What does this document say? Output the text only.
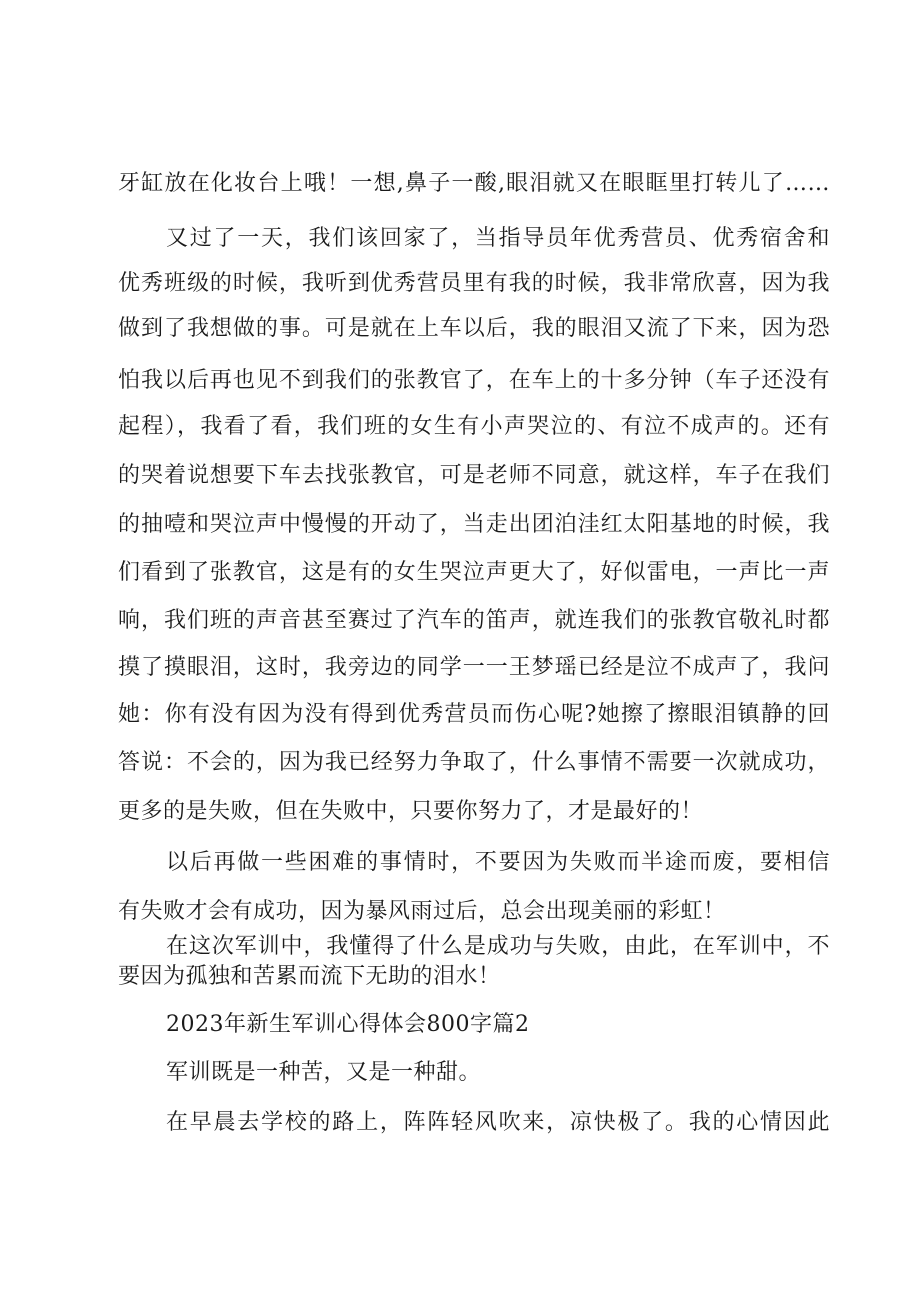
牙缸放在化妆台上哦！一想,鼻子一酸,眼泪就又在眼眶里打转儿了……
又过了一天，我们该回家了，当指导员年优秀营员、优秀宿舍和
优秀班级的时候，我听到优秀营员里有我的时候，我非常欣喜，因为我
做到了我想做的事。可是就在上车以后，我的眼泪又流了下来，因为恐
怕我以后再也见不到我们的张教官了，在车上的十多分钟（车子还没有
起程），我看了看，我们班的女生有小声哭泣的、有泣不成声的。还有
的哭着说想要下车去找张教官，可是老师不同意，就这样，车子在我们
的抽噎和哭泣声中慢慢的开动了，当走出团泊洼红太阳基地的时候，我
们看到了张教官，这是有的女生哭泣声更大了，好似雷电，一声比一声
响，我们班的声音甚至赛过了汽车的笛声，就连我们的张教官敬礼时都
摸了摸眼泪，这时，我旁边的同学一一王梦瑶已经是泣不成声了，我问
她：你有没有因为没有得到优秀营员而伤心呢?她擦了擦眼泪镇静的回
答说：不会的，因为我已经努力争取了，什么事情不需要一次就成功，
更多的是失败，但在失败中，只要你努力了，才是最好的！
以后再做一些困难的事情时，不要因为失败而半途而废，要相信
有失败才会有成功，因为暴风雨过后，总会出现美丽的彩虹！
在这次军训中，我懂得了什么是成功与失败，由此，在军训中，不
要因为孤独和苦累而流下无助的泪水！
2023年新生军训心得体会800字篇2
军训既是一种苦，又是一种甜。
在早晨去学校的路上，阵阵轻风吹来，凉快极了。我的心情因此
